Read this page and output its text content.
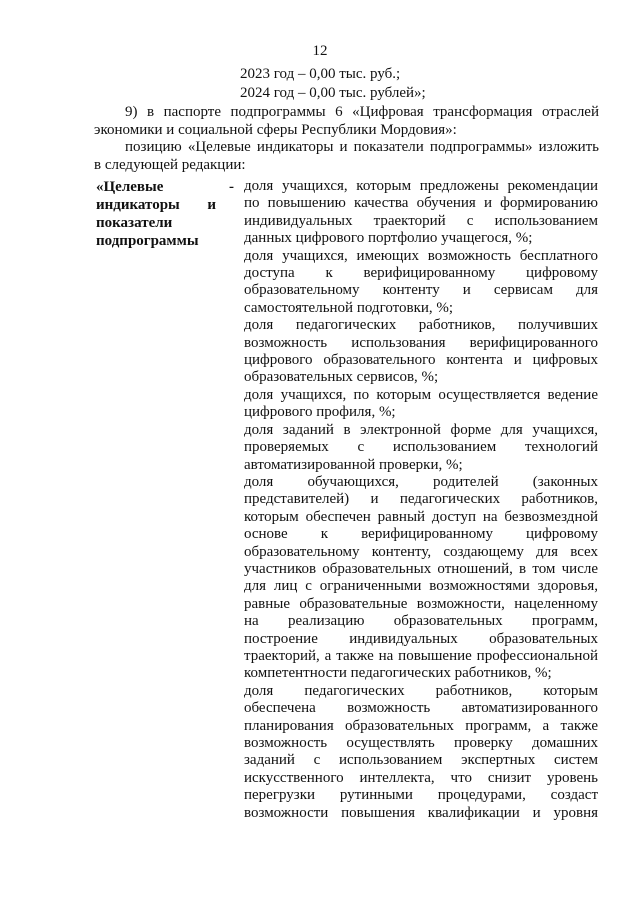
12
2023 год – 0,00 тыс. руб.;
2024 год – 0,00 тыс. рублей»;
9) в паспорте подпрограммы 6 «Цифровая трансформация отраслей
экономики и социальной сферы Республики Мордовия»:
позицию «Целевые индикаторы и показатели подпрограммы» изложить
в следующей редакции:
«Целевые	-
индикаторы и
показатели
подпрограммы
доля учащихся, которым предложены рекомендации
по повышению качества обучения и формированию
индивидуальных траекторий с использованием
данных цифрового портфолио учащегося, %;
доля учащихся, имеющих возможность бесплатного
доступа к верифицированному цифровому
образовательному контенту и сервисам для
самостоятельной подготовки, %;
доля педагогических работников, получивших
возможность использования верифицированного
цифрового образовательного контента и цифровых
образовательных сервисов, %;
доля учащихся, по которым осуществляется ведение
цифрового профиля, %;
доля заданий в электронной форме для учащихся,
проверяемых с использованием технологий
автоматизированной проверки, %;
доля обучающихся, родителей (законных
представителей) и педагогических работников,
которым обеспечен равный доступ на безвозмездной
основе к верифицированному цифровому
образовательному контенту, создающему для всех
участников образовательных отношений, в том числе
для лиц с ограниченными возможностями здоровья,
равные образовательные возможности, нацеленному
на реализацию образовательных программ,
построение индивидуальных образовательных
траекторий, а также на повышение профессиональной
компетентности педагогических работников, %;
доля педагогических работников, которым
обеспечена возможность автоматизированного
планирования образовательных программ, а также
возможность осуществлять проверку домашних
заданий с использованием экспертных систем
искусственного интеллекта, что снизит уровень
перегрузки рутинными процедурами, создаст
возможности повышения квалификации и уровня
